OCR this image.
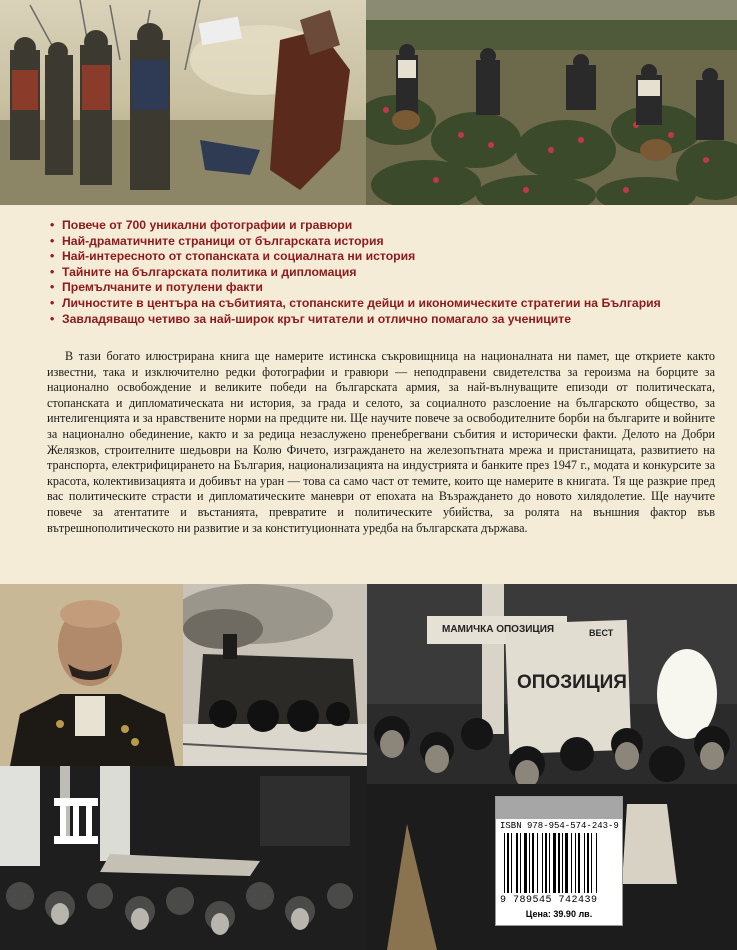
• Повече от 700 уникални фотографии и гравюри
• Най-драматичните страници от българската история
• Най-интересното от стопанската и социалната ни история
• Тайните на българската политика и дипломация
• Премълчаните и потулени факти
• Личностите в центъра на събитията, стопанските дейци и икономическите стратегии на България
• Завладяващо четиво за най-широк кръг читатели и отлично помагало за учениците

В тази богато илюстрирана книга ще намерите истинска съкровищница на националната ни памет, ще откриете както известни, така и изключително редки фотографии и гравюри — неподправени свидетелства за героизма на борците за национално освобождение и великите победи на българската армия, за най-вълнуващите епизоди от политическата, стопанската и дипломатическата ни история, за града и селото, за социалното разслоение на българското общество, за интелигенцията и за нравствените норми на предците ни. Ще научите повече за освободителните борби на българите и войните за национално обединение, както и за редица незаслужено пренебрегвани събития и исторически факти. Делото на Добри Желязков, строителните шедьоври на Колю Фичето, изграждането на железопътната мрежа и пристанищата, развитието на транспорта, електрифицирането на България, национализацията на индустрията и банките през 1947 г., модата и конкурсите за красота, колективизацията и добивът на уран — това са само част от темите, които ще намерите в книгата. Тя ще разкрие пред вас политическите страсти и дипломатическите маневри от епохата на Възраждането до новото хилядолетие. Ще научите повече за атентатите и въстанията, превратите и политическите убийства, за ролята на външния фактор във вътрешнополитическото ни развитие и за конституционната уредба на българската държава.

МАМИЧКА ОПОЗИЦИЯ	ВЕСТ
ОПОЗИЦИЯ
ISBN 978-954-574-243-9
9 789545 742439
Цена: 39.90 лв.
